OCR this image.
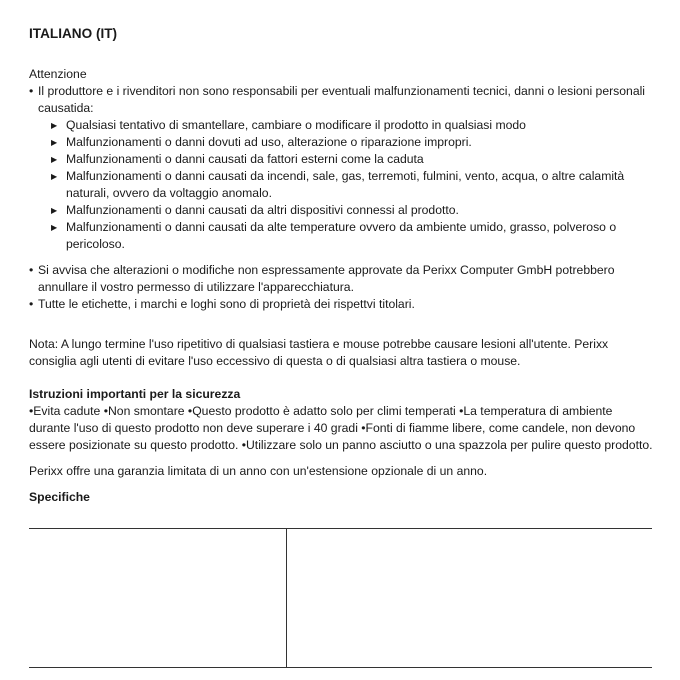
ITALIANO (IT)

Attenzione

• Il produttore e i rivenditori non sono responsabili per eventuali malfunzionamenti tecnici, danni o lesioni personali causatida:
▶ Qualsiasi tentativo di smantellare, cambiare o modificare il prodotto in qualsiasi modo
▶ Malfunzionamenti o danni dovuti ad uso, alterazione o riparazione impropri.
▶ Malfunzionamenti o danni causati da fattori esterni come la caduta
▶ Malfunzionamenti o danni causati da incendi, sale, gas, terremoti, fulmini, vento, acqua, o altre calamità naturali, ovvero da voltaggio anomalo.
▶ Malfunzionamenti o danni causati da altri dispositivi connessi al prodotto.
▶ Malfunzionamenti o danni causati da alte temperature ovvero da ambiente umido, grasso, polveroso o pericoloso.
• Si avvisa che alterazioni o modifiche non espressamente approvate da Perixx Computer GmbH potrebbero annullare il vostro permesso di utilizzare l'apparecchiatura.
• Tutte le etichette, i marchi e loghi sono di proprietà dei rispettvi titolari.

Nota: A lungo termine l'uso ripetitivo di qualsiasi tastiera e mouse potrebbe causare lesioni all'utente. Perixx consiglia agli utenti di evitare l'uso eccessivo di questa o di qualsiasi altra tastiera o mouse.

Istruzioni importanti per la sicurezza

•Evita cadute •Non smontare •Questo prodotto è adatto solo per climi temperati •La temperatura di ambiente durante l'uso di questo prodotto non deve superare i 40 gradi •Fonti di fiamme libere, come candele, non devono essere posizionate su questo prodotto. •Utilizzare solo un panno asciutto o una spazzola per pulire questo prodotto.

Perixx offre una garanzia limitata di un anno con un'estensione opzionale di un anno.

Specifiche
